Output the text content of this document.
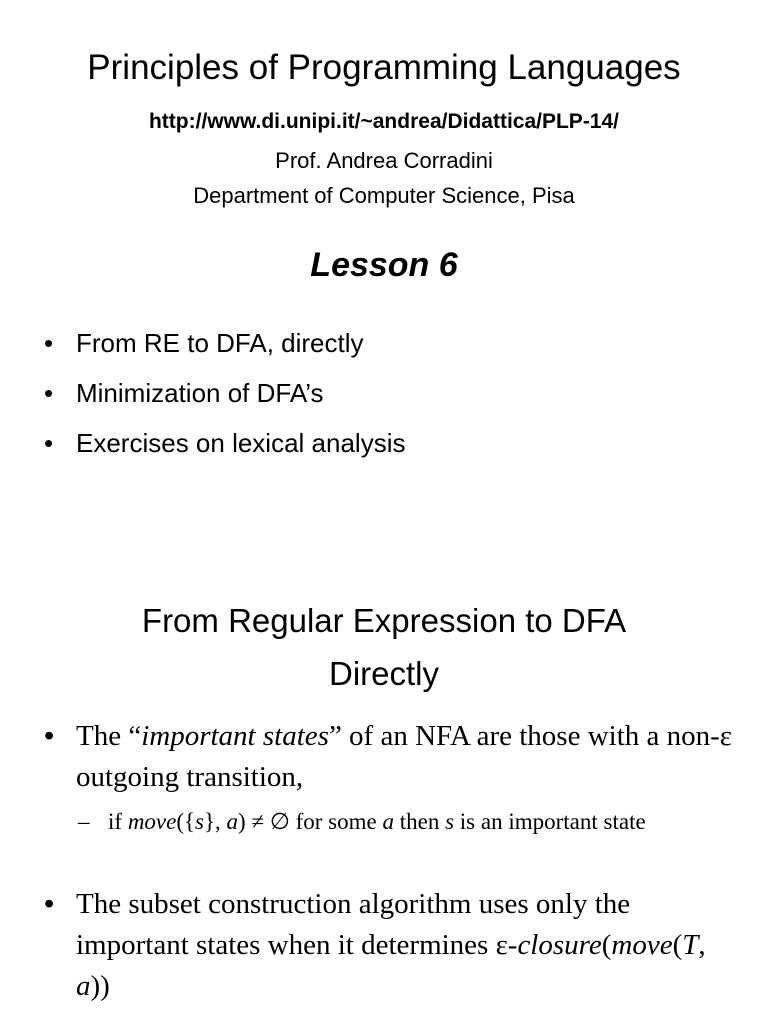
Principles of Programming Languages
http://www.di.unipi.it/~andrea/Didattica/PLP-14/
Prof. Andrea Corradini
Department of Computer Science, Pisa
Lesson 6
• From RE to DFA, directly
• Minimization of DFA’s
• Exercises on lexical analysis
From Regular Expression to DFA
Directly
• The “important states” of an NFA are those with a non-ε outgoing transition,
– if move({s}, a) ≠ ∅ for some a then s is an important state
• The subset construction algorithm uses only the important states when it determines ε-closure(move(T, a))
